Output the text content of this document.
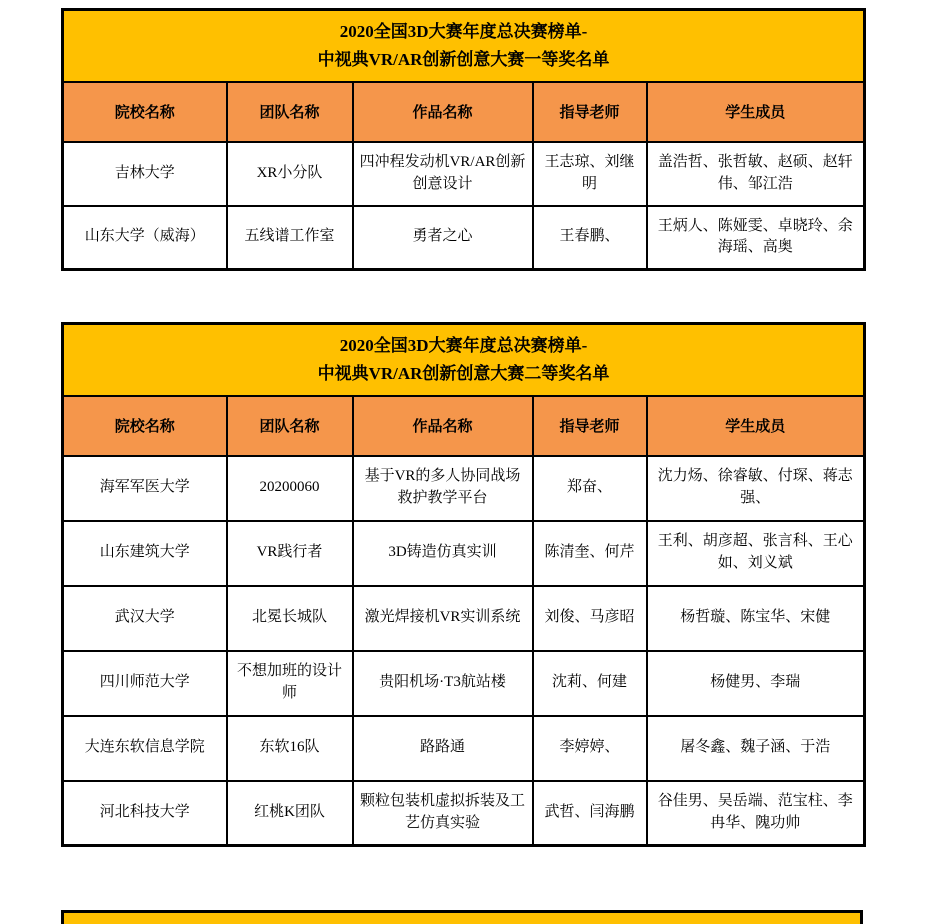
2020全国3D大赛年度总决赛榜单-
中视典VR/AR创新创意大赛一等奖名单				

院校名称	团队名称	作品名称	指导老师	学生成员
吉林大学	XR小分队	四冲程发动机VR/AR创新创意设计	王志琼、刘继明	盖浩哲、张哲敏、赵硕、赵轩伟、邹江浩
山东大学（威海）	五线谱工作室	勇者之心	王春鹏、	王炳人、陈娅雯、卓晓玲、余海瑶、高奥
2020全国3D大赛年度总决赛榜单-
中视典VR/AR创新创意大赛二等奖名单				

院校名称	团队名称	作品名称	指导老师	学生成员
海军军医大学	20200060	基于VR的多人协同战场救护教学平台	郑奋、	沈力炀、徐睿敏、付琛、蒋志强、
山东建筑大学	VR践行者	3D铸造仿真实训	陈清奎、何芹	王利、胡彦超、张言科、王心如、刘义斌
武汉大学	北冕长城队	激光焊接机VR实训系统	刘俊、马彦昭	杨哲璇、陈宝华、宋健
四川师范大学	不想加班的设计师	贵阳机场·T3航站楼	沈莉、何建	杨健男、李瑞
大连东软信息学院	东软16队	路路通	李婷婷、	屠冬鑫、魏子涵、于浩
河北科技大学	红桃K团队	颗粒包装机虚拟拆装及工艺仿真实验	武哲、闫海鹏	谷佳男、吴岳端、范宝柱、李冉华、隗功帅
